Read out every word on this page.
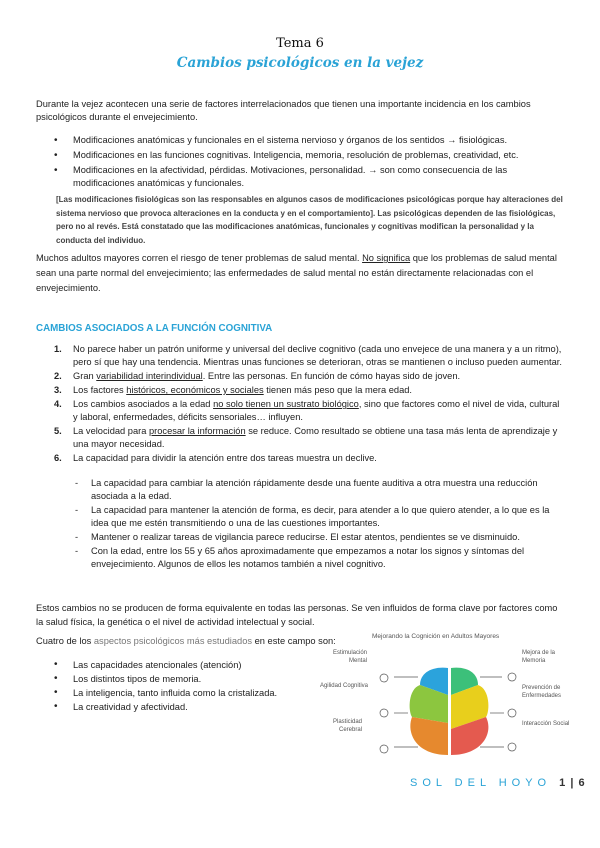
Tema 6
Cambios psicológicos en la vejez

Durante la vejez acontecen una serie de factores interrelacionados que tienen una importante incidencia en los cambios psicológicos durante el envejecimiento.

• Modificaciones anatómicas y funcionales en el sistema nervioso y órganos de los sentidos → fisiológicas.
• Modificaciones en las funciones cognitivas. Inteligencia, memoria, resolución de problemas, creatividad, etc.
• Modificaciones en la afectividad, pérdidas. Motivaciones, personalidad. → son como consecuencia de las modificaciones anatómicas y funcionales.

[Las modificaciones fisiológicas son las responsables en algunos casos de modificaciones psicológicas porque hay alteraciones del sistema nervioso que provoca alteraciones en la conducta y en el comportamiento]. Las psicológicas dependen de las fisiológicas, pero no al revés. Está constatado que las modificaciones anatómicas, funcionales y cognitivas modifican la personalidad y la conducta del individuo.

Muchos adultos mayores corren el riesgo de tener problemas de salud mental. No significa que los problemas de salud mental sean una parte normal del envejecimiento; las enfermedades de salud mental no están directamente relacionadas con el envejecimiento.

CAMBIOS ASOCIADOS A LA FUNCIÓN COGNITIVA
1. No parece haber un patrón uniforme y universal del declive cognitivo (cada uno envejece de una manera y a un ritmo), pero sí que hay una tendencia. Mientras unas funciones se deterioran, otras se mantienen o incluso pueden aumentar.
2. Gran variabilidad interindividual. Entre las personas. En función de cómo hayas sido de joven.
3. Los factores históricos, económicos y sociales tienen más peso que la mera edad.
4. Los cambios asociados a la edad no solo tienen un sustrato biológico, sino que factores como el nivel de vida, cultural y laboral, enfermedades, déficits sensoriales… influyen.
5. La velocidad para procesar la información se reduce. Como resultado se obtiene una tasa más lenta de aprendizaje y una mayor necesidad.
6. La capacidad para dividir la atención entre dos tareas muestra un declive.
- La capacidad para cambiar la atención rápidamente desde una fuente auditiva a otra muestra una reducción asociada a la edad.
- La capacidad para mantener la atención de forma, es decir, para atender a lo que quiero atender, a lo que es la idea que me estén transmitiendo o una de las cuestiones importantes.
- Mantener o realizar tareas de vigilancia parece reducirse. El estar atentos, pendientes se ve disminuido.
- Con la edad, entre los 55 y 65 años aproximadamente que empezamos a notar los signos y síntomas del envejecimiento. Algunos de ellos les notamos también a nivel cognitivo.

Estos cambios no se producen de forma equivalente en todas las personas. Se ven influidos de forma clave por factores como la salud física, la genética o el nivel de actividad intelectual y social.

Cuatro de los aspectos psicológicos más estudiados en este campo son:

• Las capacidades atencionales (atención)
• Los distintos tipos de memoria.
• La inteligencia, tanto influida como la cristalizada.
• La creatividad y afectividad.
Mejorando la Cognición en Adultos Mayores
Estimulación Mental
Agilidad Cognitiva
Plasticidad Cerebral
Mejora de la Memoria
Prevención de Enfermedades
Interacción Social
SOL DEL HOYO 1 | 6
